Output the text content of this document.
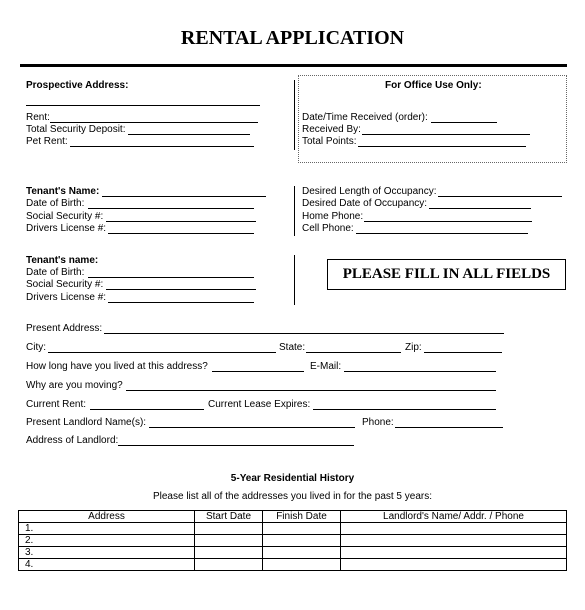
RENTAL APPLICATION
Prospective Address:
Rent:
Total Security Deposit:
Pet Rent:
For Office Use Only:
Date/Time Received (order):
Received By:
Total Points:
Tenant's Name:
Date of Birth:
Social Security #:
Drivers License #:
Desired Length of Occupancy:
Desired Date of Occupancy:
Home Phone:
Cell Phone:
Tenant's name:
Date of Birth:
Social Security #:
Drivers License #:
PLEASE FILL IN ALL FIELDS
Present Address:
City:	State:	Zip:
How long have you lived at this address?	E-Mail:
Why are you moving?
Current Rent:	Current Lease Expires:
Present Landlord Name(s):	Phone:
Address of Landlord:
5-Year Residential History
Please list all of the addresses you lived in for the past 5 years:
Address	Start Date	Finish Date	Landlord's Name/ Addr. / Phone
1.			
2.			
3.			
4.			
